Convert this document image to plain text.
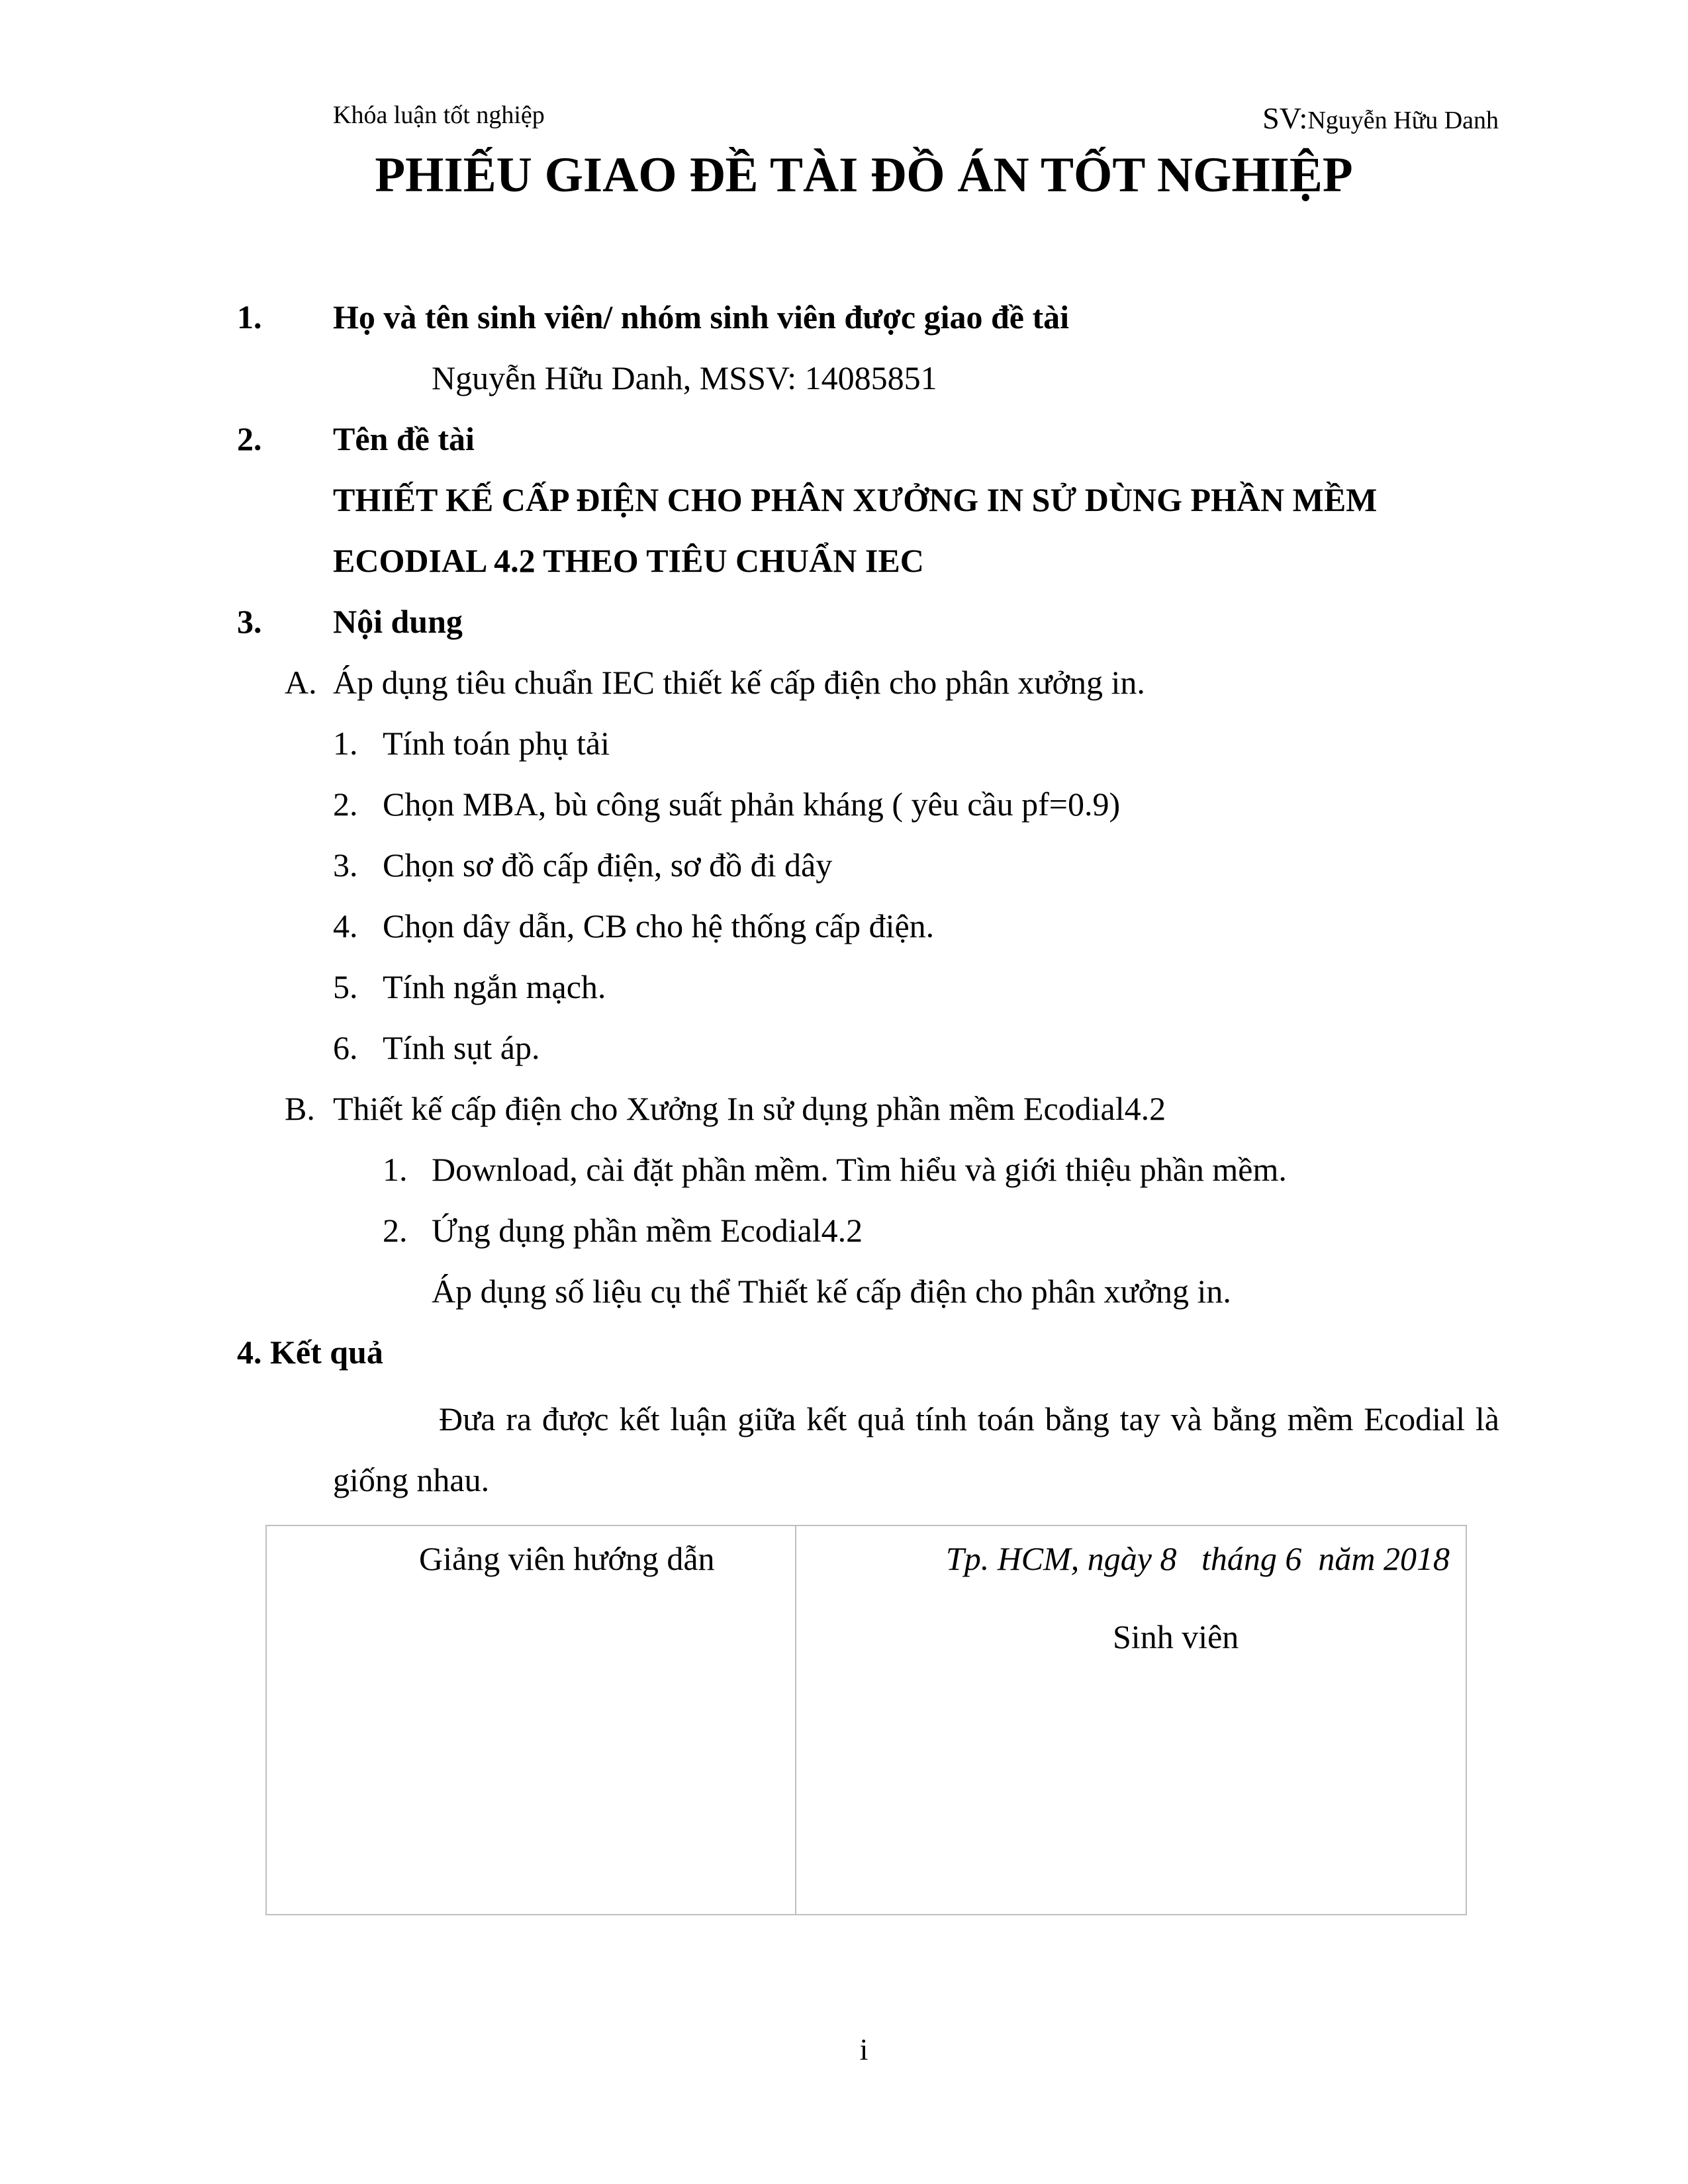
Khóa luận tốt nghiệp	SV:Nguyễn Hữu Danh
PHIẾU GIAO ĐỀ TÀI ĐỒ ÁN TỐT NGHIỆP
1. Họ và tên sinh viên/ nhóm sinh viên được giao đề tài
Nguyễn Hữu Danh, MSSV: 14085851
2. Tên đề tài
THIẾT KẾ CẤP ĐIỆN CHO PHÂN XƯỞNG IN SỬ DÙNG PHẦN MỀM
ECODIAL 4.2 THEO TIÊU CHUẨN IEC
3. Nội dung
A. Áp dụng tiêu chuẩn IEC thiết kế cấp điện cho phân xưởng in.
1. Tính toán phụ tải
2. Chọn MBA, bù công suất phản kháng ( yêu cầu pf=0.9)
3. Chọn sơ đồ cấp điện, sơ đồ đi dây
4. Chọn dây dẫn, CB cho hệ thống cấp điện.
5. Tính ngắn mạch.
6. Tính sụt áp.
B. Thiết kế cấp điện cho Xưởng In sử dụng phần mềm Ecodial4.2
1. Download, cài đặt phần mềm. Tìm hiểu và giới thiệu phần mềm.
2. Ứng dụng phần mềm Ecodial4.2
Áp dụng số liệu cụ thể Thiết kế cấp điện cho phân xưởng in.
4. Kết quả
Đưa ra được kết luận giữa kết quả tính toán bằng tay và bằng mềm Ecodial là giống nhau.
Giảng viên hướng dẫn	Tp. HCM, ngày 8   tháng 6  năm 2018
Sinh viên
i
